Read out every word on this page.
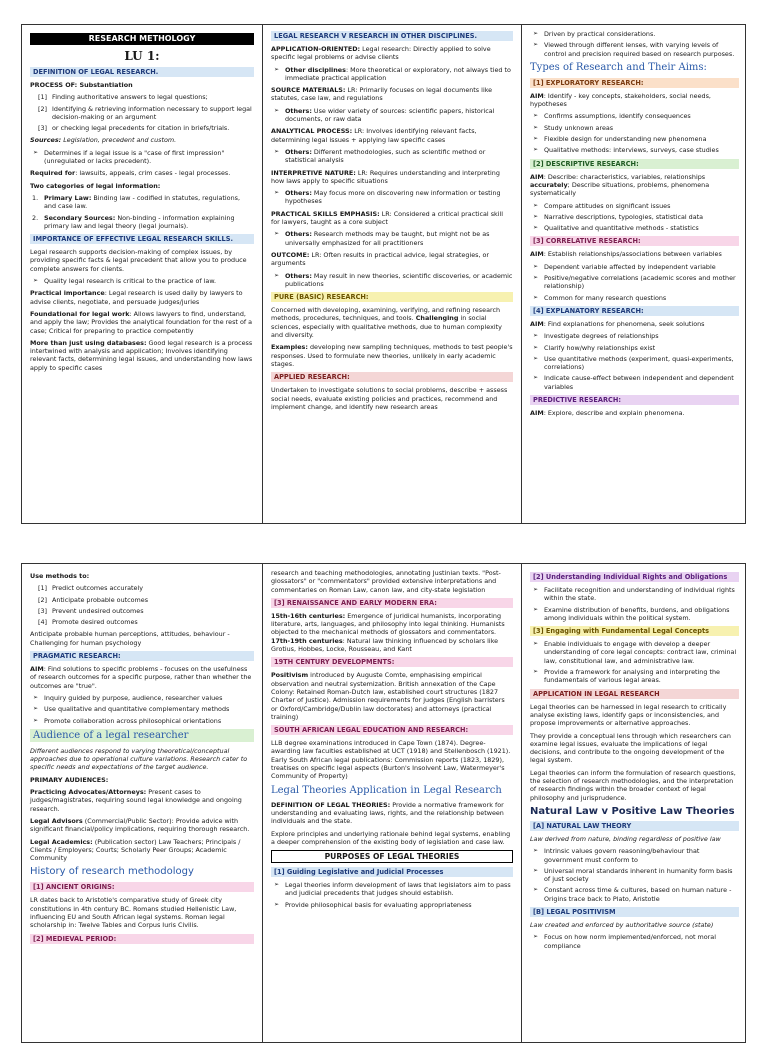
RESEARCH METHOLOGY
LU 1:
DEFINITION OF LEGAL RESEARCH.

PROCESS OF: Substantiation

[1] Finding authoritative answers to legal questions;
[2] Identifying & retrieving information necessary to support legal decision-making or an argument
[3] or checking legal precedents for citation in briefs/trials.

Sources: Legislation, precedent and custom.

➢ Determines if a legal issue is a "case of first impression" (unregulated or lacks precedent).

Required for: lawsuits, appeals, crim cases - legal processes.

Two categories of legal information:

1. Primary Law: Binding law - codified in statutes, regulations, and case law.
2. Secondary Sources: Non-binding - information explaining primary law and legal theory (legal journals).
IMPORTANCE OF EFFECTIVE LEGAL RESEARCH SKILLS.

Legal research supports decision-making of complex issues, by providing specific facts & legal precedent that allow you to produce complete answers for clients.

➢ Quality legal research is critical to the practice of law.

Practical importance: Legal research is used daily by lawyers to advise clients, negotiate, and persuade judges/juries

Foundational for legal work: Allows lawyers to find, understand, and apply the law; Provides the analytical foundation for the rest of a case; Critical for preparing to practice competently

More than just using databases: Good legal research is a process intertwined with analysis and application; Involves identifying relevant facts, determining legal issues, and understanding how laws apply to specific cases

LEGAL RESEARCH V RESEARCH IN OTHER DISCIPLINES.

APPLICATION-ORIENTED: Legal research: Directly applied to solve specific legal problems or advise clients

➢ Other disciplines: More theoretical or exploratory, not always tied to immediate practical application

SOURCE MATERIALS: LR: Primarily focuses on legal documents like statutes, case law, and regulations

➢ Others: Use wider variety of sources: scientific papers, historical documents, or raw data

ANALYTICAL PROCESS: LR: Involves identifying relevant facts, determining legal issues + applying law specific cases

➢ Others: Different methodologies, such as scientific method or statistical analysis

INTERPRETIVE NATURE: LR: Requires understanding and interpreting how laws apply to specific situations

➢ Others: May focus more on discovering new information or testing hypotheses

PRACTICAL SKILLS EMPHASIS: LR: Considered a critical practical skill for lawyers, taught as a core subject

➢ Others: Research methods may be taught, but might not be as universally emphasized for all practitioners

OUTCOME: LR: Often results in practical advice, legal strategies, or arguments

➢ Others: May result in new theories, scientific discoveries, or academic publications
PURE (BASIC) RESEARCH:

Concerned with developing, examining, verifying, and refining research methods, procedures, techniques, and tools. Challenging in social sciences, especially with qualitative methods, due to human complexity and diversity.

Examples: developing new sampling techniques, methods to test people's responses. Used to formulate new theories, unlikely in early academic stages.

APPLIED RESEARCH:

Undertaken to investigate solutions to social problems, describe + assess social needs, evaluate existing policies and practices, recommend and implement change, and identify new research areas

➢ Driven by practical considerations.
➢ Viewed through different lenses, with varying levels of control and precision required based on research purposes.
Types of Research and Their Aims:
[1] EXPLORATORY RESEARCH:

AIM: Identify - key concepts, stakeholders, social needs, hypotheses

➢ Confirms assumptions, identify consequences
➢ Study unknown areas
➢ Flexible design for understanding new phenomena
➢ Qualitative methods: interviews, surveys, case studies
[2] DESCRIPTIVE RESEARCH:

AIM: Describe: characteristics, variables, relationships accurately; Describe situations, problems, phenomena systematically

➢ Compare attitudes on significant issues
➢ Narrative descriptions, typologies, statistical data
➢ Qualitative and quantitative methods - statistics
[3] CORRELATIVE RESEARCH:

AIM: Establish relationships/associations between variables

➢ Dependent variable affected by independent variable
➢ Positive/negative correlations (academic scores and mother relationship)
➢ Common for many research questions
[4] EXPLANATORY RESEARCH:

AIM: Find explanations for phenomena, seek solutions

➢ Investigate degrees of relationships
➢ Clarify how/why relationships exist
➢ Use quantitative methods (experiment, quasi-experiments, correlations)
➢ Indicate cause-effect between independent and dependent variables
PREDICTIVE RESEARCH:

AIM: Explore, describe and explain phenomena.

Use methods to:

[1] Predict outcomes accurately
[2] Anticipate probable outcomes
[3] Prevent undesired outcomes
[4] Promote desired outcomes

Anticipate probable human perceptions, attitudes, behaviour - Challenging for human psychology

PRAGMATIC RESEARCH:

AIM: Find solutions to specific problems - focuses on the usefulness of research outcomes for a specific purpose, rather than whether the outcomes are "true".

➢ Inquiry guided by purpose, audience, researcher values
➢ Use qualitative and quantitative complementary methods
➢ Promote collaboration across philosophical orientations
Audience of a legal researcher

Different audiences respond to varying theoretical/conceptual approaches due to operational culture variations. Research cater to specific needs and expectations of the target audience.

PRIMARY AUDIENCES:

Practicing Advocates/Attorneys: Present cases to judges/magistrates, requiring sound legal knowledge and ongoing research.

Legal Advisors (Commercial/Public Sector): Provide advice with significant financial/policy implications, requiring thorough research.

Legal Academics: (Publication sector) Law Teachers; Principals / Clients / Employers; Courts; Scholarly Peer Groups; Academic Community

History of research methodology
[1] ANCIENT ORIGINS:

LR dates back to Aristotle's comparative study of Greek city constitutions in 4th century BC. Romans studied Hellenistic Law, influencing EU and South African legal systems. Roman legal scholarship in: Twelve Tables and Corpus Iuris Civilis.

[2] MEDIEVAL PERIOD:

research and teaching methodologies, annotating Justinian texts. "Post-glossators" or "commentators" provided extensive interpretations and commentaries on Roman Law, canon law, and city-state legislation

[3] RENAISSANCE AND EARLY MODERN ERA:

15th-16th centuries: Emergence of juridical humanists, incorporating literature, arts, languages, and philosophy into legal thinking. Humanists objected to the mechanical methods of glossators and commentators. 17th-19th centuries: Natural law thinking influenced by scholars like Grotius, Hobbes, Locke, Rousseau, and Kant

19TH CENTURY DEVELOPMENTS:

Positivism introduced by Auguste Comte, emphasising empirical observation and neutral systemization. British annexation of the Cape Colony: Retained Roman-Dutch law, established court structures (1827 Charter of Justice). Admission requirements for judges (English barristers or Oxford/Cambridge/Dublin law doctorates) and attorneys (practical training)

SOUTH AFRICAN LEGAL EDUCATION AND RESEARCH:

LLB degree examinations introduced in Cape Town (1874). Degree-awarding law faculties established at UCT (1918) and Stellenbosch (1921). Early South African legal publications: Commission reports (1823, 1829), treatises on specific legal aspects (Burton's Insolvent Law, Watermeyer's Community of Property)

Legal Theories Application in Legal Research

DEFINITION OF LEGAL THEORIES: Provide a normative framework for understanding and evaluating laws, rights, and the relationship between individuals and the state.

Explore principles and underlying rationale behind legal systems, enabling a deeper comprehension of the existing body of legislation and case law.

PURPOSES OF LEGAL THEORIES
[1] Guiding Legislative and Judicial Processes
➢ Legal theories inform development of laws that legislators aim to pass and judicial precedents that judges should establish.
➢ Provide philosophical basis for evaluating appropriateness
[2] Understanding Individual Rights and Obligations
➢ Facilitate recognition and understanding of individual rights within the state.
➢ Examine distribution of benefits, burdens, and obligations among individuals within the political system.
[3] Engaging with Fundamental Legal Concepts
➢ Enable individuals to engage with develop a deeper understanding of core legal concepts: contract law, criminal law, constitutional law, and administrative law.
➢ Provide a framework for analysing and interpreting the fundamentals of various legal areas.
APPLICATION IN LEGAL RESEARCH

Legal theories can be harnessed in legal research to critically analyse existing laws, identify gaps or inconsistencies, and propose improvements or alternative approaches.

They provide a conceptual lens through which researchers can examine legal issues, evaluate the implications of legal decisions, and contribute to the ongoing development of the legal system.

Legal theories can inform the formulation of research questions, the selection of research methodologies, and the interpretation of research findings within the broader context of legal philosophy and jurisprudence.

Natural Law v Positive Law Theories
[A] NATURAL LAW THEORY

Law derived from nature, binding regardless of positive law

➢ Intrinsic values govern reasoning/behaviour that government must conform to
➢ Universal moral standards inherent in humanity form basis of just society
➢ Constant across time & cultures, based on human nature - Origins trace back to Plato, Aristotle
[B] LEGAL POSITIVISM

Law created and enforced by authoritative source (state)

➢ Focus on how norm implemented/enforced, not moral compliance
